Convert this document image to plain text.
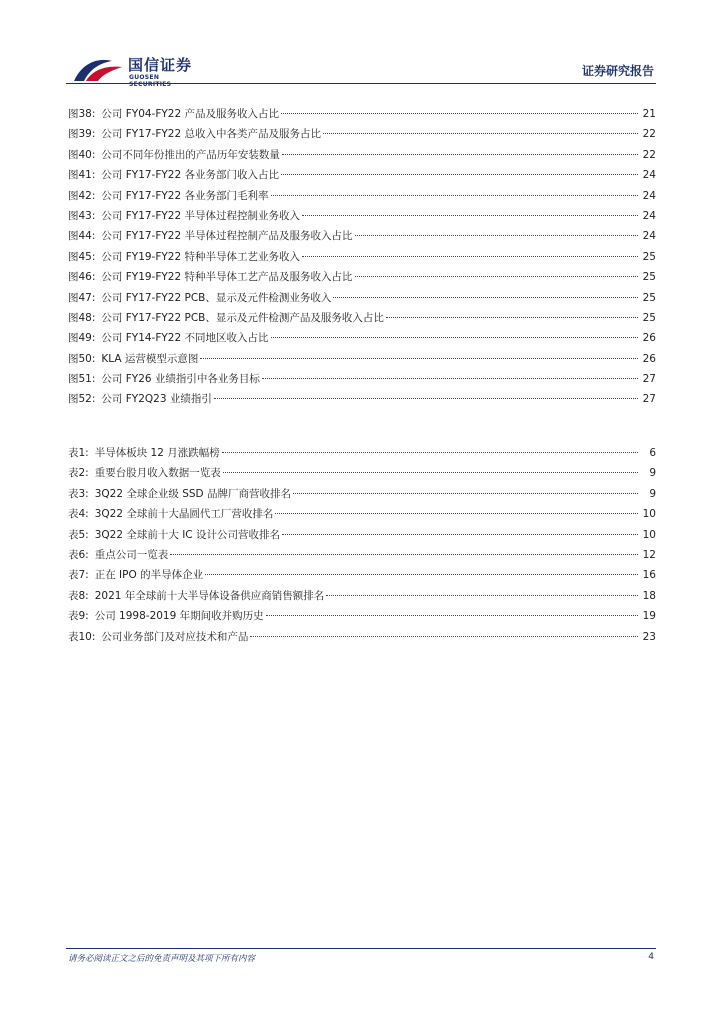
国信证券
GUOSEN SECURITIES
证券研究报告
图38: 公司 FY04-FY22 产品及服务收入占比	21
图39: 公司 FY17-FY22 总收入中各类产品及服务占比	22
图40: 公司不同年份推出的产品历年安装数量	22
图41: 公司 FY17-FY22 各业务部门收入占比	24
图42: 公司 FY17-FY22 各业务部门毛利率	24
图43: 公司 FY17-FY22 半导体过程控制业务收入	24
图44: 公司 FY17-FY22 半导体过程控制产品及服务收入占比	24
图45: 公司 FY19-FY22 特种半导体工艺业务收入	25
图46: 公司 FY19-FY22 特种半导体工艺产品及服务收入占比	25
图47: 公司 FY17-FY22 PCB、显示及元件检测业务收入	25
图48: 公司 FY17-FY22 PCB、显示及元件检测产品及服务收入占比	25
图49: 公司 FY14-FY22 不同地区收入占比	26
图50: KLA 运营模型示意图	26
图51: 公司 FY26 业绩指引中各业务目标	27
图52: 公司 FY2Q23 业绩指引	27
表1: 半导体板块 12 月涨跌幅榜	6
表2: 重要台股月收入数据一览表	9
表3: 3Q22 全球企业级 SSD 品牌厂商营收排名	9
表4: 3Q22 全球前十大晶圆代工厂营收排名	10
表5: 3Q22 全球前十大 IC 设计公司营收排名	10
表6: 重点公司一览表	12
表7: 正在 IPO 的半导体企业	16
表8: 2021 年全球前十大半导体设备供应商销售额排名	18
表9: 公司 1998-2019 年期间收并购历史	19
表10: 公司业务部门及对应技术和产品	23
请务必阅读正文之后的免责声明及其项下所有内容	4
